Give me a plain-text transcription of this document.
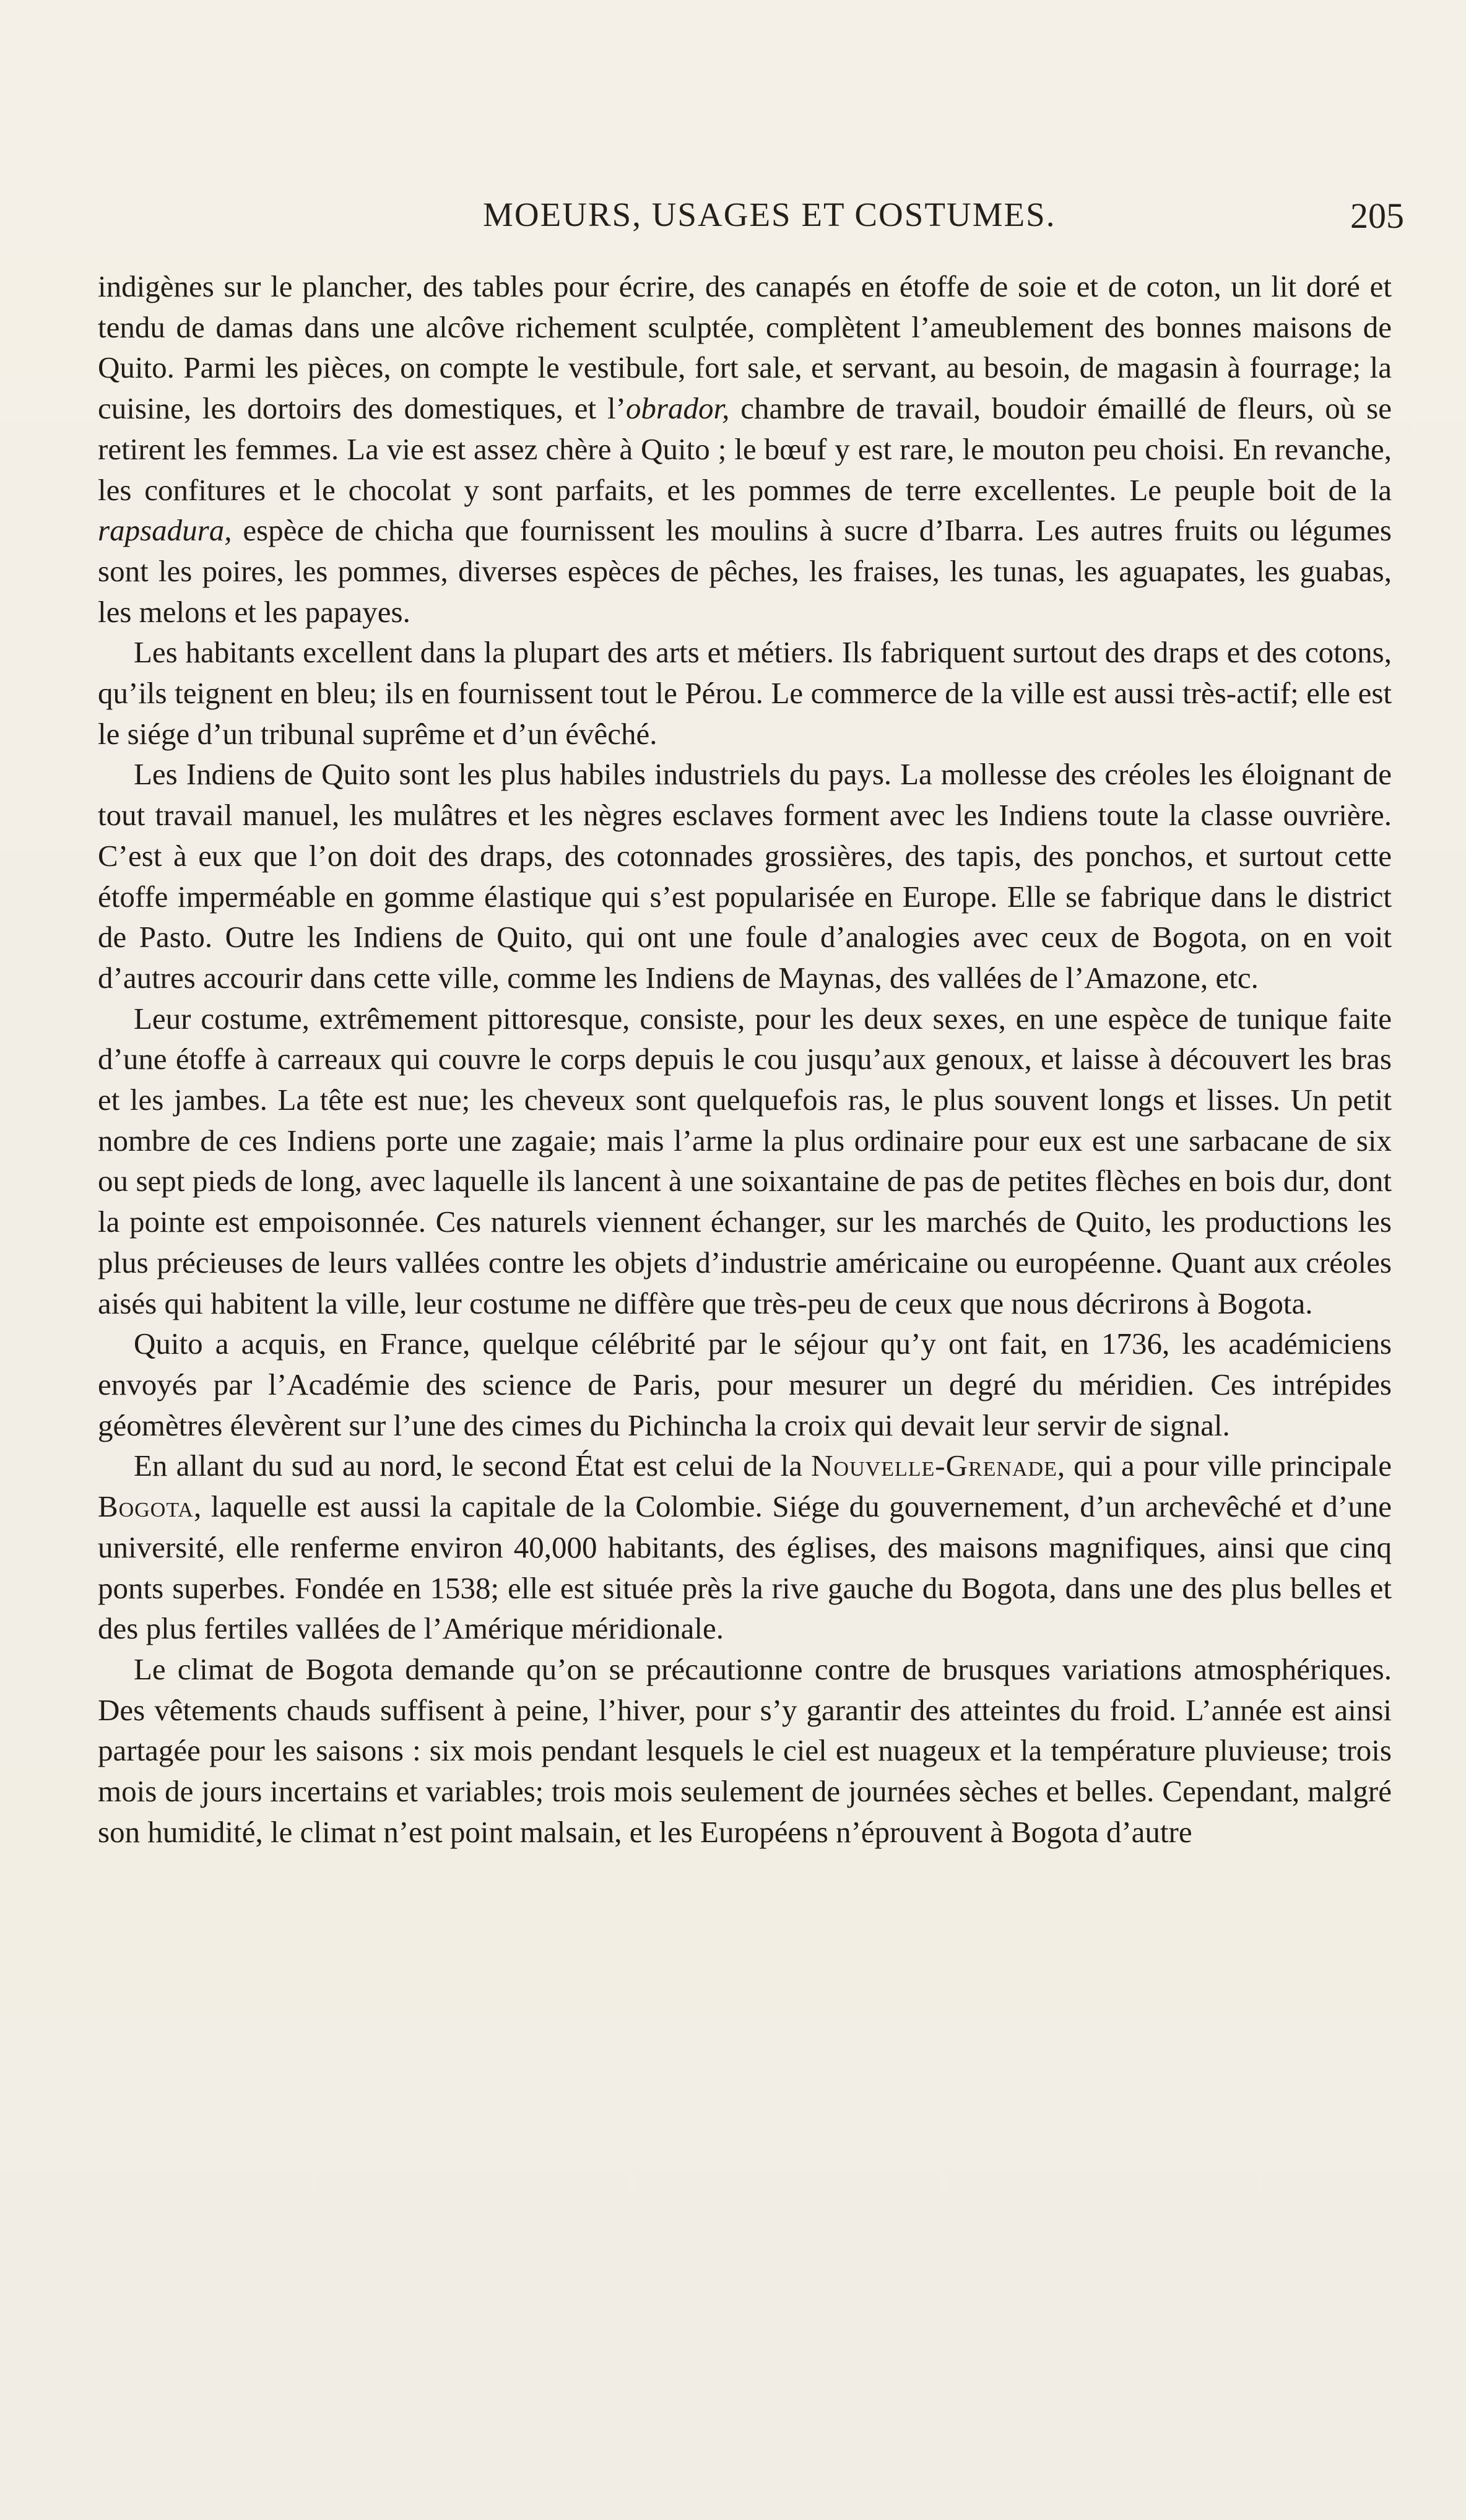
MOEURS, USAGES ET COSTUMES.	205

indigènes sur le plancher, des tables pour écrire, des canapés en étoffe de soie et de coton, un lit doré et tendu de damas dans une alcôve richement sculptée, complètent l’ameublement des bonnes maisons de Quito. Parmi les pièces, on compte le vestibule, fort sale, et servant, au besoin, de magasin à fourrage; la cuisine, les dortoirs des domestiques, et l’obrador, chambre de travail, boudoir émaillé de fleurs, où se retirent les femmes. La vie est assez chère à Quito ; le bœuf y est rare, le mouton peu choisi. En revanche, les confitures et le chocolat y sont parfaits, et les pommes de terre excellentes. Le peuple boit de la rapsadura, espèce de chicha que fournissent les moulins à sucre d’Ibarra. Les autres fruits ou légumes sont les poires, les pommes, diverses espèces de pêches, les fraises, les tunas, les aguapates, les guabas, les melons et les papayes.

Les habitants excellent dans la plupart des arts et métiers. Ils fabriquent surtout des draps et des cotons, qu’ils teignent en bleu; ils en fournissent tout le Pérou. Le commerce de la ville est aussi très-actif; elle est le siége d’un tribunal suprême et d’un évêché.

Les Indiens de Quito sont les plus habiles industriels du pays. La mollesse des créoles les éloignant de tout travail manuel, les mulâtres et les nègres esclaves forment avec les Indiens toute la classe ouvrière. C’est à eux que l’on doit des draps, des cotonnades grossières, des tapis, des ponchos, et surtout cette étoffe imperméable en gomme élastique qui s’est popularisée en Europe. Elle se fabrique dans le district de Pasto. Outre les Indiens de Quito, qui ont une foule d’analogies avec ceux de Bogota, on en voit d’autres accourir dans cette ville, comme les Indiens de Maynas, des vallées de l’Amazone, etc.

Leur costume, extrêmement pittoresque, consiste, pour les deux sexes, en une espèce de tunique faite d’une étoffe à carreaux qui couvre le corps depuis le cou jusqu’aux genoux, et laisse à découvert les bras et les jambes. La tête est nue; les cheveux sont quelquefois ras, le plus souvent longs et lisses. Un petit nombre de ces Indiens porte une zagaie; mais l’arme la plus ordinaire pour eux est une sarbacane de six ou sept pieds de long, avec laquelle ils lancent à une soixantaine de pas de petites flèches en bois dur, dont la pointe est empoisonnée. Ces naturels viennent échanger, sur les marchés de Quito, les productions les plus précieuses de leurs vallées contre les objets d’industrie américaine ou européenne. Quant aux créoles aisés qui habitent la ville, leur costume ne diffère que très-peu de ceux que nous décrirons à Bogota.

Quito a acquis, en France, quelque célébrité par le séjour qu’y ont fait, en 1736, les académiciens envoyés par l’Académie des science de Paris, pour mesurer un degré du méridien. Ces intrépides géomètres élevèrent sur l’une des cimes du Pichincha la croix qui devait leur servir de signal.

En allant du sud au nord, le second État est celui de la Nouvelle-Grenade, qui a pour ville principale Bogota, laquelle est aussi la capitale de la Colombie. Siége du gouvernement, d’un archevêché et d’une université, elle renferme environ 40,000 habitants, des églises, des maisons magnifiques, ainsi que cinq ponts superbes. Fondée en 1538; elle est située près la rive gauche du Bogota, dans une des plus belles et des plus fertiles vallées de l’Amérique méridionale.

Le climat de Bogota demande qu’on se précautionne contre de brusques variations atmosphériques. Des vêtements chauds suffisent à peine, l’hiver, pour s’y garantir des atteintes du froid. L’année est ainsi partagée pour les saisons : six mois pendant lesquels le ciel est nuageux et la température pluvieuse; trois mois de jours incertains et variables; trois mois seulement de journées sèches et belles. Cependant, malgré son humidité, le climat n’est point malsain, et les Européens n’éprouvent à Bogota d’autre
